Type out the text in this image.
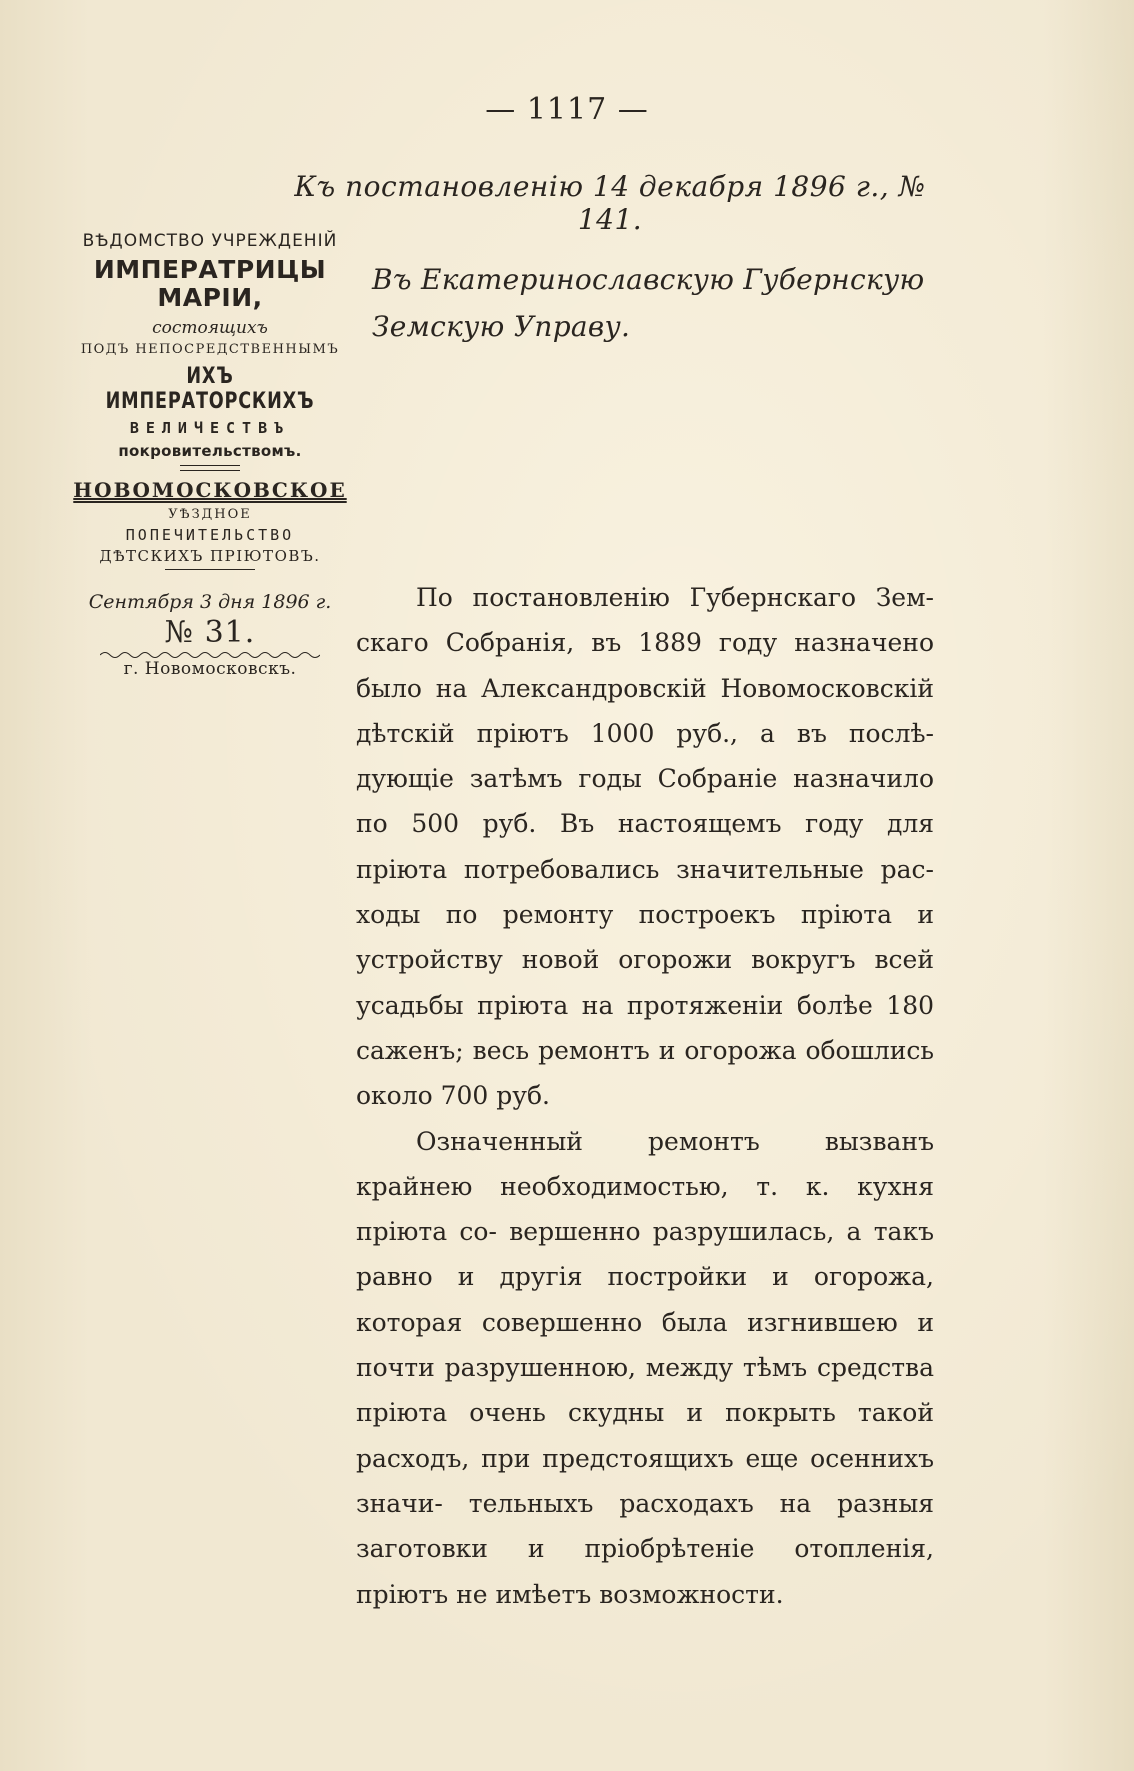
— 1117 —
Къ постановленію 14 декабря 1896 г., № 141.
ВѢДОМСТВО УЧРЕЖДЕНІЙ
ИМПЕРАТРИЦЫ МАРІИ,
состоящихъ
ПОДЪ НЕПОСРЕДСТВЕННЫМЪ
ИХЪ ИМПЕРАТОРСКИХЪ
ВЕЛИЧЕСТВЪ
покровительствомъ.
НОВОМОСКОВСКОЕ
УѢЗДНОЕ
ПОПЕЧИТЕЛЬСТВО
ДѢТСКИХЪ ПРІЮТОВЪ.
Сентября 3 дня 1896 г.
№ 31.
г. Новомосковскъ.
Въ Екатеринославскую Губернскую
Земскую Управу.

По постановленію Губернскаго Зем- скаго Собранія, въ 1889 году назначено было на Александровскій Новомосковскій дѣтскій пріютъ 1000 руб., а въ послѣ- дующіе затѣмъ годы Собраніе назначило по 500 руб. Въ настоящемъ году для пріюта потребовались значительные рас- ходы по ремонту построекъ пріюта и устройству новой огорожи вокругъ всей усадьбы пріюта на протяженіи болѣе 180 саженъ; весь ремонтъ и огорожа обошлись около 700 руб.

Означенный ремонтъ вызванъ крайнею необходимостью, т. к. кухня пріюта со- вершенно разрушилась, а такъ равно и другія постройки и огорожа, которая совершенно была изгнившею и почти разрушенною, между тѣмъ средства пріюта очень скудны и покрыть такой расходъ, при предстоящихъ еще осеннихъ значи- тельныхъ расходахъ на разныя заготовки и пріобрѣтеніе отопленія, пріютъ не имѣетъ возможности.
